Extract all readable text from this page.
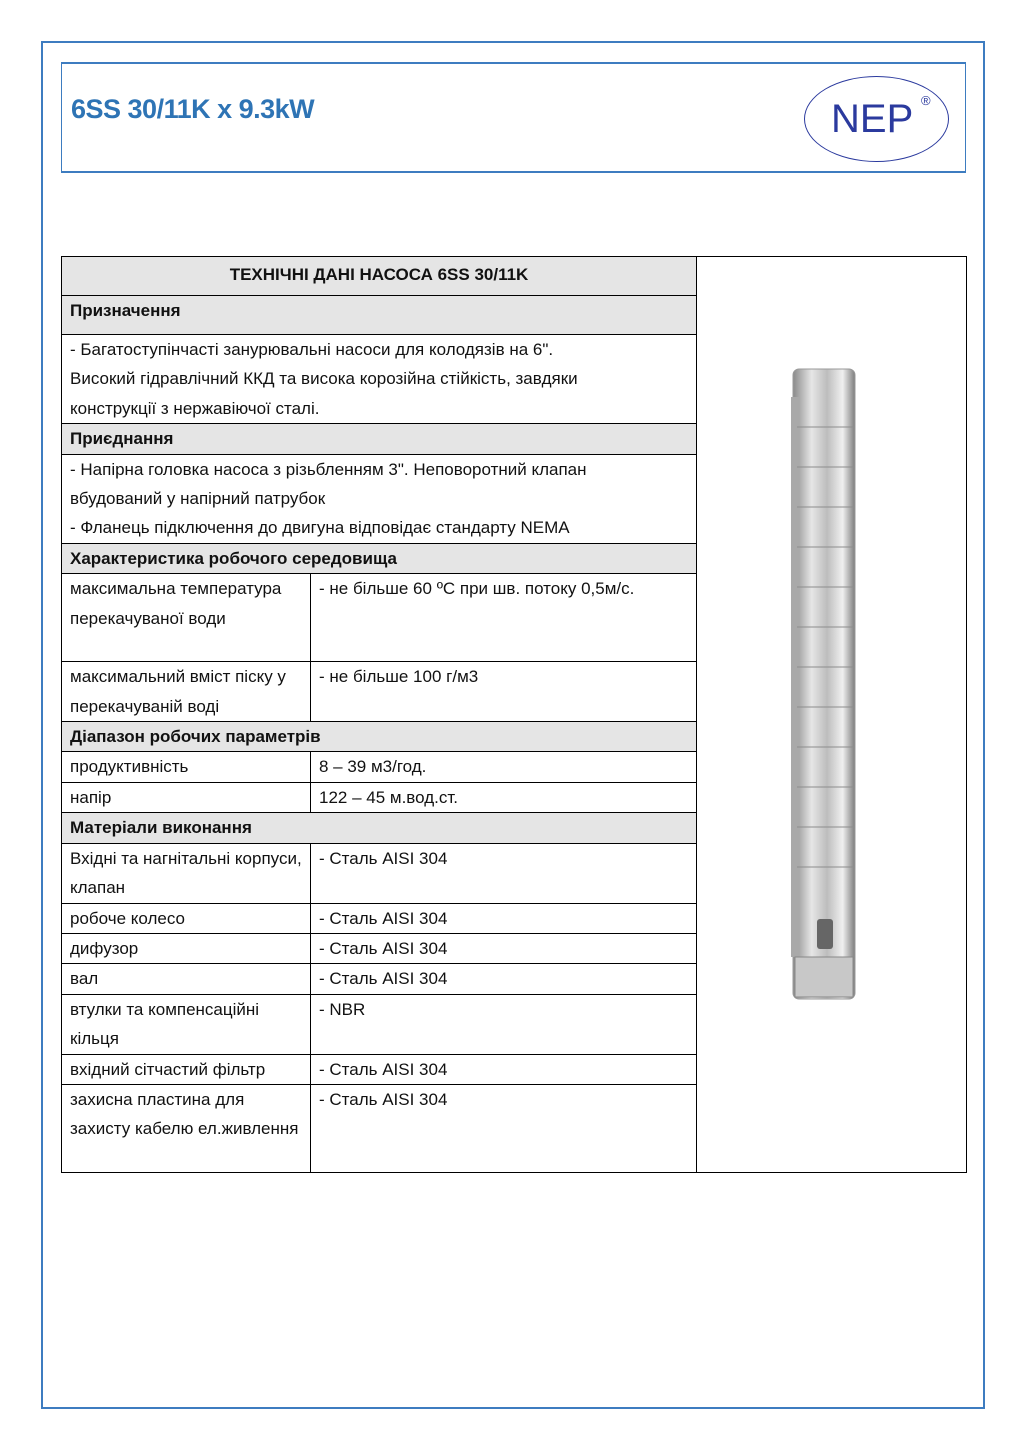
6SS 30/11K x 9.3kW	NEP ®
ТЕХНІЧНІ ДАНІ НАСОСА 6SS 30/11K	
Призначення		

- Багатоступінчасті занурювальні насоси для колодязів на 6".
Високий гідравлічний ККД та висока корозійна стійкість, завдяки
конструкції з нержавіючої сталі.		

Приєднання		

- Напірна головка насоса з різьбленням 3". Неповоротний клапан
вбудований у напірний патрубок
- Фланець підключення до двигуна відповідає стандарту NEMA		

Характеристика робочого середовища		
максимальна температура перекачуваної води	- не більше 60 ºС при шв. потоку 0,5м/с.	
максимальний вміст піску у перекачуваній воді	- не більше 100 г/м3	
Діапазон робочих параметрів		
продуктивність	8 – 39 м3/год.	
напір	122 – 45 м.вод.ст.	
Матеріали виконання		
Вхідні та нагнітальні корпуси, клапан	- Сталь AISI 304	
робоче колесо	- Сталь AISI 304	
дифузор	- Сталь AISI 304	
вал	- Сталь AISI 304	
втулки та компенсаційні кільця	- NBR	
вхідний сітчастий фільтр	- Сталь AISI 304	
захисна пластина для захисту кабелю ел.живлення	- Сталь AISI 304	
